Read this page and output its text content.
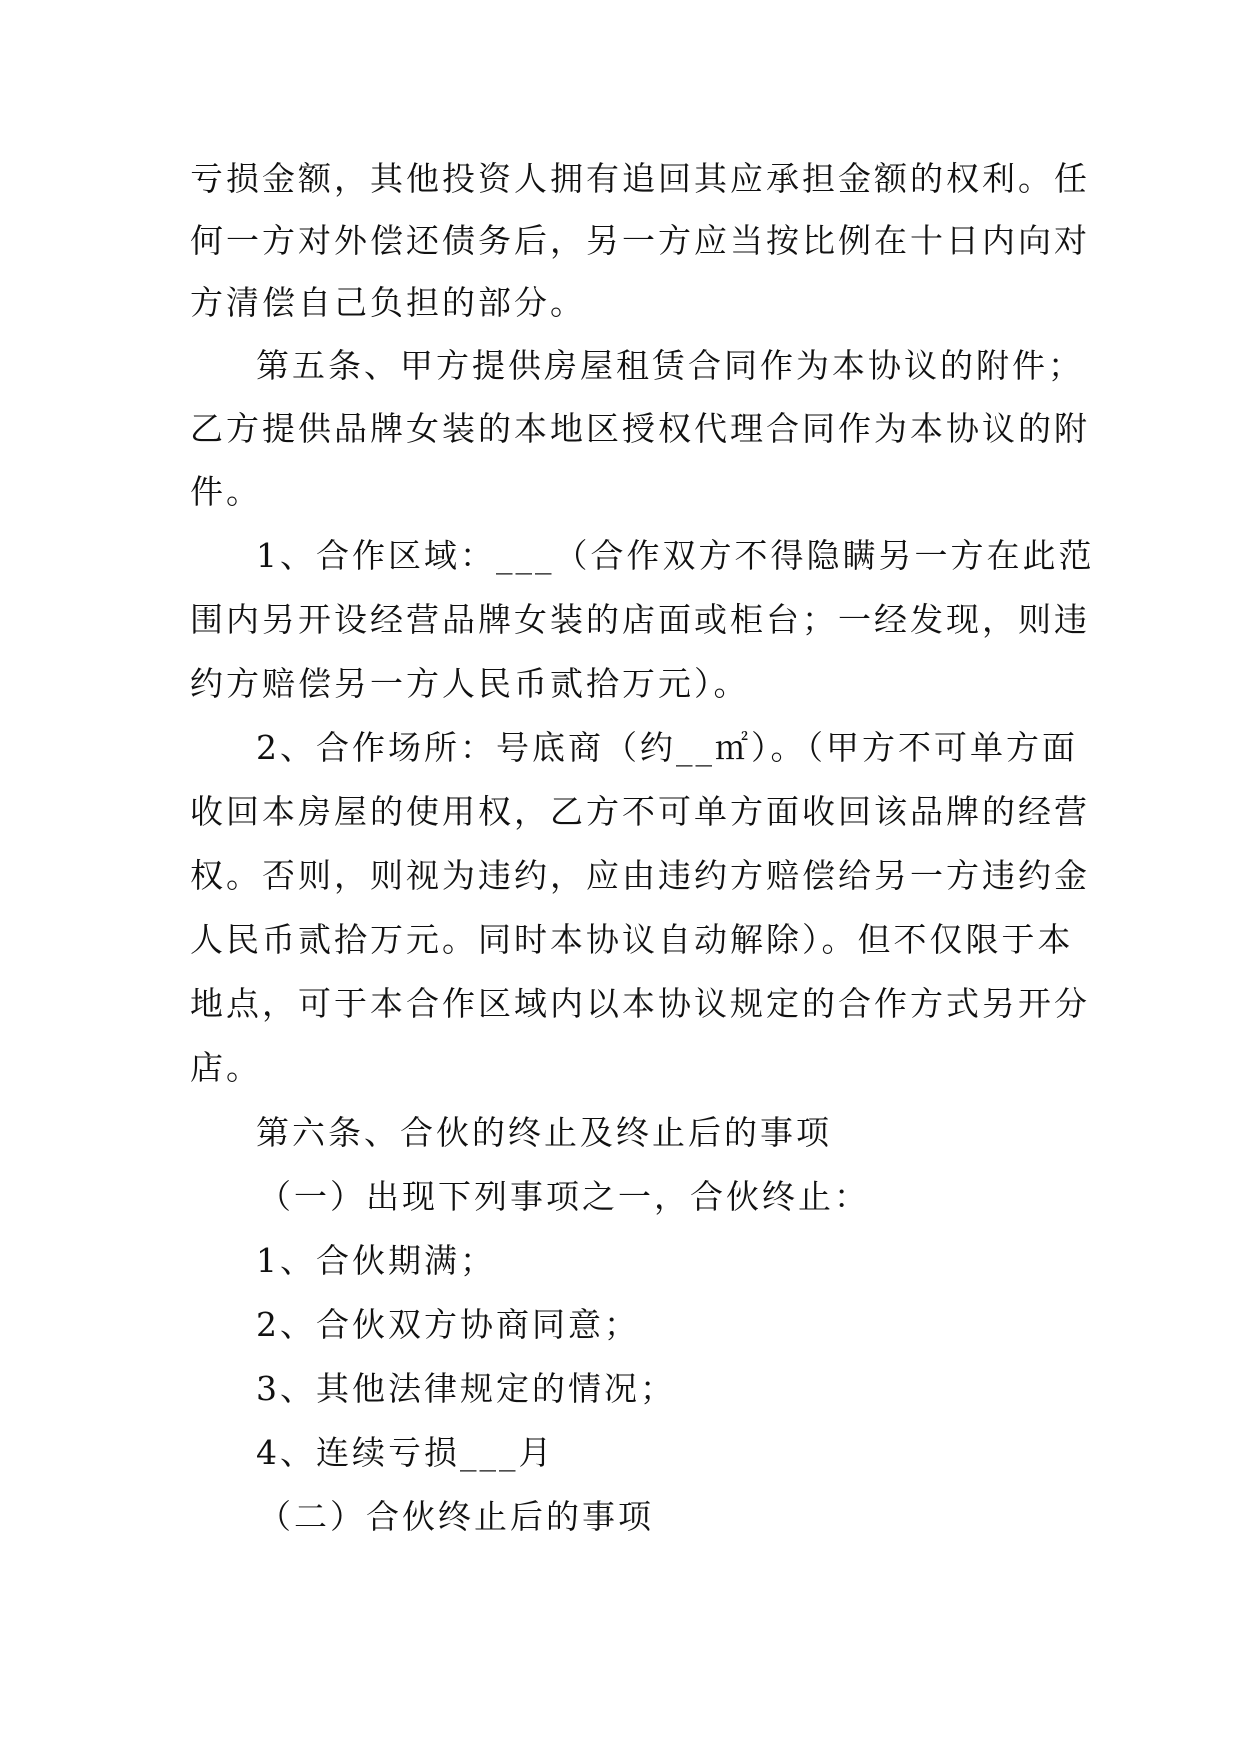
亏损金额，其他投资人拥有追回其应承担金额的权利。任
何一方对外偿还债务后，另一方应当按比例在十日内向对
方清偿自己负担的部分。
第五条、甲方提供房屋租赁合同作为本协议的附件；
乙方提供品牌女装的本地区授权代理合同作为本协议的附
件。
1、合作区域：___（合作双方不得隐瞒另一方在此范
围内另开设经营品牌女装的店面或柜台；一经发现，则违
约方赔偿另一方人民币贰拾万元）。
2、合作场所：号底商（约__㎡）。（甲方不可单方面
收回本房屋的使用权，乙方不可单方面收回该品牌的经营
权。否则，则视为违约，应由违约方赔偿给另一方违约金
人民币贰拾万元。同时本协议自动解除）。但不仅限于本
地点，可于本合作区域内以本协议规定的合作方式另开分
店。
第六条、合伙的终止及终止后的事项
（一）出现下列事项之一，合伙终止：
1、合伙期满；
2、合伙双方协商同意；
3、其他法律规定的情况；
4、连续亏损___月
（二）合伙终止后的事项
